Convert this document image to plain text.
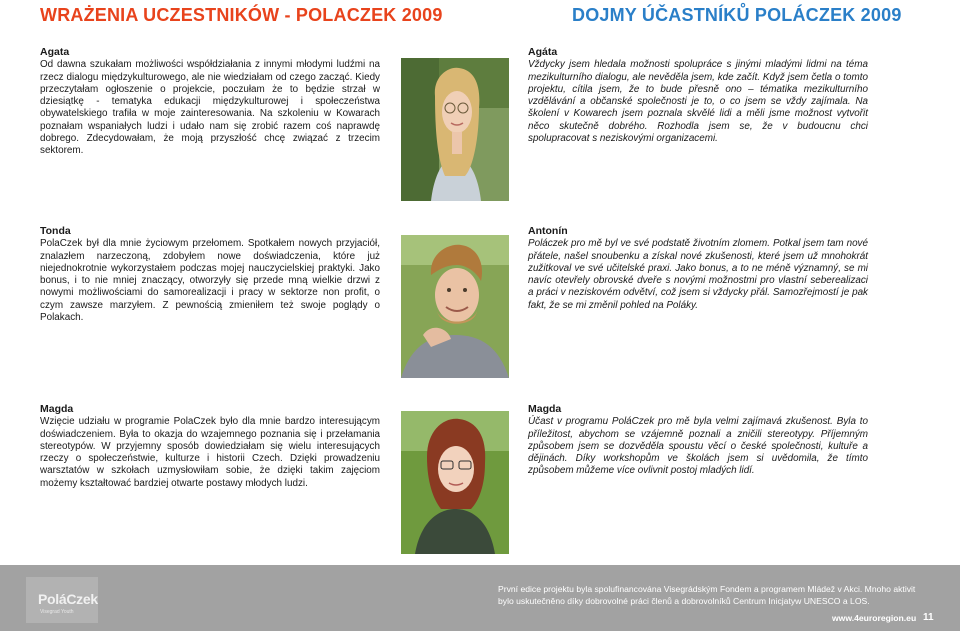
WRAŻENIA UCZESTNIKÓW - POLACZEK 2009	DOJMY ÚČASTNÍKŮ POLÁCZEK 2009
Agata
Od dawna szukałam możliwości współdziałania z innymi młodymi ludźmi na rzecz dialogu międzykulturowego, ale nie wiedziałam od czego zacząć. Kiedy przeczytałam ogłoszenie o projekcie, poczułam że to będzie strzał w dziesiątkę - tematyka edukacji międzykulturowej i społeczeństwa obywatelskiego trafiła w moje zainteresowania. Na szkoleniu w Kowarach poznałam wspaniałych ludzi i udało nam się zrobić razem coś naprawdę dobrego. Zdecydowałam, że moją przyszłość chcę związać z trzecim sektorem.
Agáta
Vždycky jsem hledala možnosti spolupráce s jinými mladými lidmi na téma mezikulturního dialogu, ale nevěděla jsem, kde začít. Když jsem četla o tomto projektu, cítila jsem, že to bude přesně ono – tématika mezikulturního vzdělávání a občanské společnosti je to, o co jsem se vždy zajímala. Na školení v Kowarech jsem poznala skvělé lidi a měli jsme možnost vytvořit něco skutečně dobrého. Rozhodla jsem se, že v budoucnu chci spolupracovat s neziskovými organizacemi.
Tonda
PolaCzek był dla mnie życiowym przełomem. Spotkałem nowych przyjaciół, znalazłem narzeczoną, zdobyłem nowe doświadczenia, które już niejednokrotnie wykorzystałem podczas mojej nauczycielskiej praktyki. Jako bonus, i to nie mniej znaczący, otworzyły się przede mną wielkie drzwi z nowymi możliwościami do samorealizacji i pracy w sektorze non profit, o czym zawsze marzyłem. Z pewnością zmieniłem też swoje poglądy o Polakach.
Antonín
Poláczek pro mě byl ve své podstatě životním zlomem. Potkal jsem tam nové přátele, našel snoubenku a získal nové zkušenosti, které jsem už mnohokrát zužitkoval ve své učitelské praxi. Jako bonus, a to ne méně významný, se mi navíc otevřely obrovské dveře s novými možnostmi pro vlastní seberealizaci a práci v neziskovém odvětví, což jsem si vždycky přál. Samozřejmostí je pak fakt, že se mi změnil pohled na Poláky.
Magda
Wzięcie udziału w programie PolaCzek było dla mnie bardzo interesującym doświadczeniem. Była to okazja do wzajemnego poznania się i przełamania stereotypów. W przyjemny sposób dowiedziałam się wielu interesujących rzeczy o społeczeństwie, kulturze i historii Czech. Dzięki prowadzeniu warsztatów w szkołach uzmysłowiłam sobie, że dzięki takim zajęciom możemy kształtować bardziej otwarte postawy młodych ludzi.
Magda
Účast v programu PoláCzek pro mě byla velmi zajímavá zkušenost. Byla to příležitost, abychom se vzájemně poznali a zničili stereotypy. Příjemným způsobem jsem se dozvěděla spoustu věcí o české společnosti, kultuře a dějinách. Díky workshopům ve školách jsem si uvědomila, že tímto způsobem můžeme více ovlivnit postoj mladých lidí.
PoláCzek
Visegrad Youth
První edice projektu byla spolufinancována Visegrádským Fondem a programem Mládež v Akci. Mnoho aktivit bylo uskutečněno díky dobrovolné práci členů a dobrovolníků Centrum Inicjatyw UNESCO a LOS.
www.4euroregion.eu 11
